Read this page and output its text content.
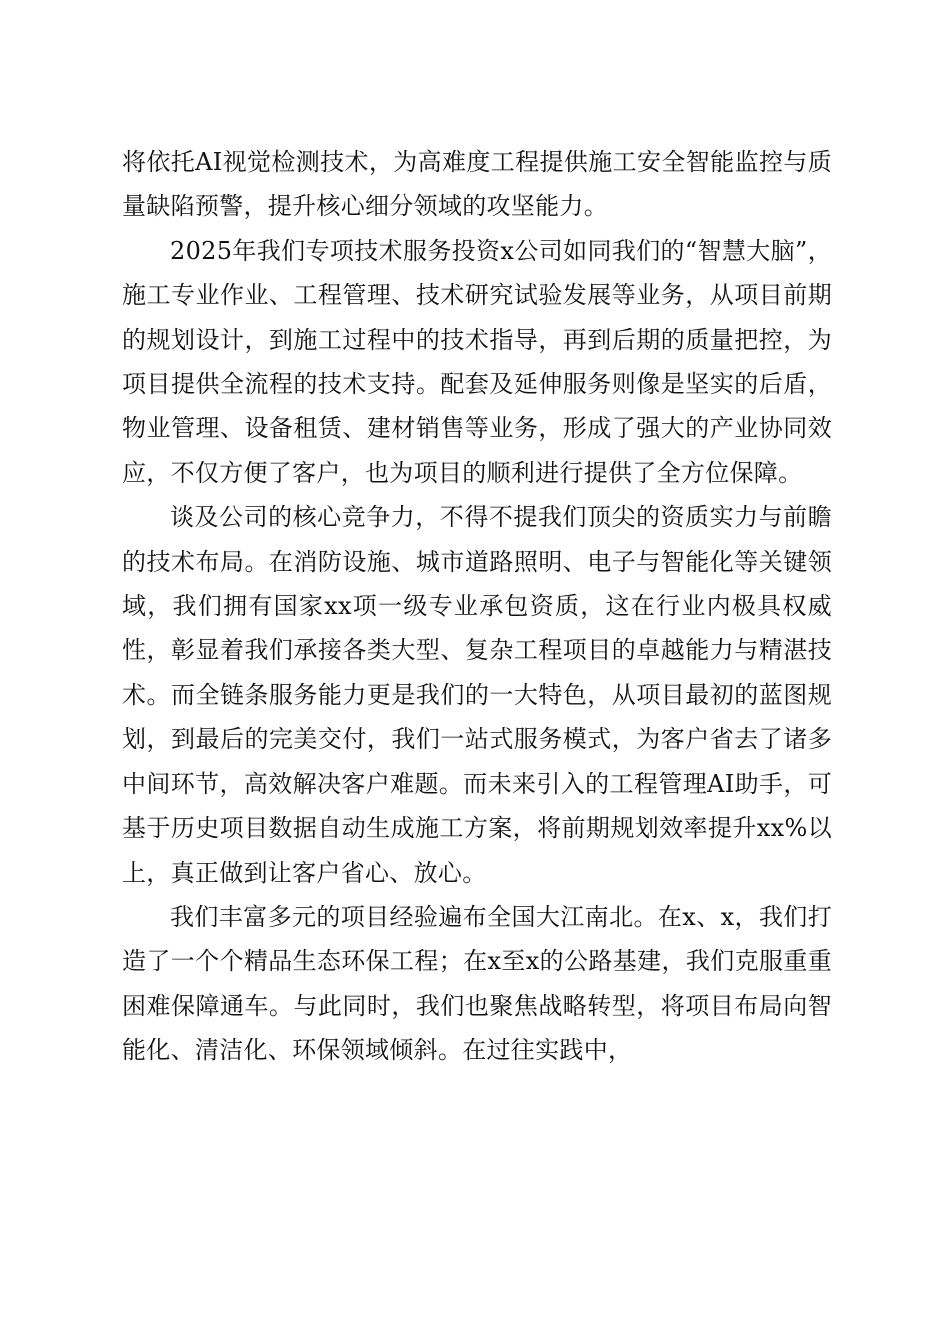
将依托AI视觉检测技术，为高难度工程提供施工安全智能监控与质量缺陷预警，提升核心细分领域的攻坚能力。

2025年我们专项技术服务投资x公司如同我们的“智慧大脑”，施工专业作业、工程管理、技术研究试验发展等业务，从项目前期的规划设计，到施工过程中的技术指导，再到后期的质量把控，为项目提供全流程的技术支持。配套及延伸服务则像是坚实的后盾，物业管理、设备租赁、建材销售等业务，形成了强大的产业协同效应，不仅方便了客户，也为项目的顺利进行提供了全方位保障。

谈及公司的核心竞争力，不得不提我们顶尖的资质实力与前瞻的技术布局。在消防设施、城市道路照明、电子与智能化等关键领域，我们拥有国家xx项一级专业承包资质，这在行业内极具权威性，彰显着我们承接各类大型、复杂工程项目的卓越能力与精湛技术。而全链条服务能力更是我们的一大特色，从项目最初的蓝图规划，到最后的完美交付，我们一站式服务模式，为客户省去了诸多中间环节，高效解决客户难题。而未来引入的工程管理AI助手，可基于历史项目数据自动生成施工方案，将前期规划效率提升xx%以上，真正做到让客户省心、放心。

我们丰富多元的项目经验遍布全国大江南北。在x、x，我们打造了一个个精品生态环保工程；在x至x的公路基建，我们克服重重困难保障通车。与此同时，我们也聚焦战略转型，将项目布局向智能化、清洁化、环保领域倾斜。在过往实践中，
